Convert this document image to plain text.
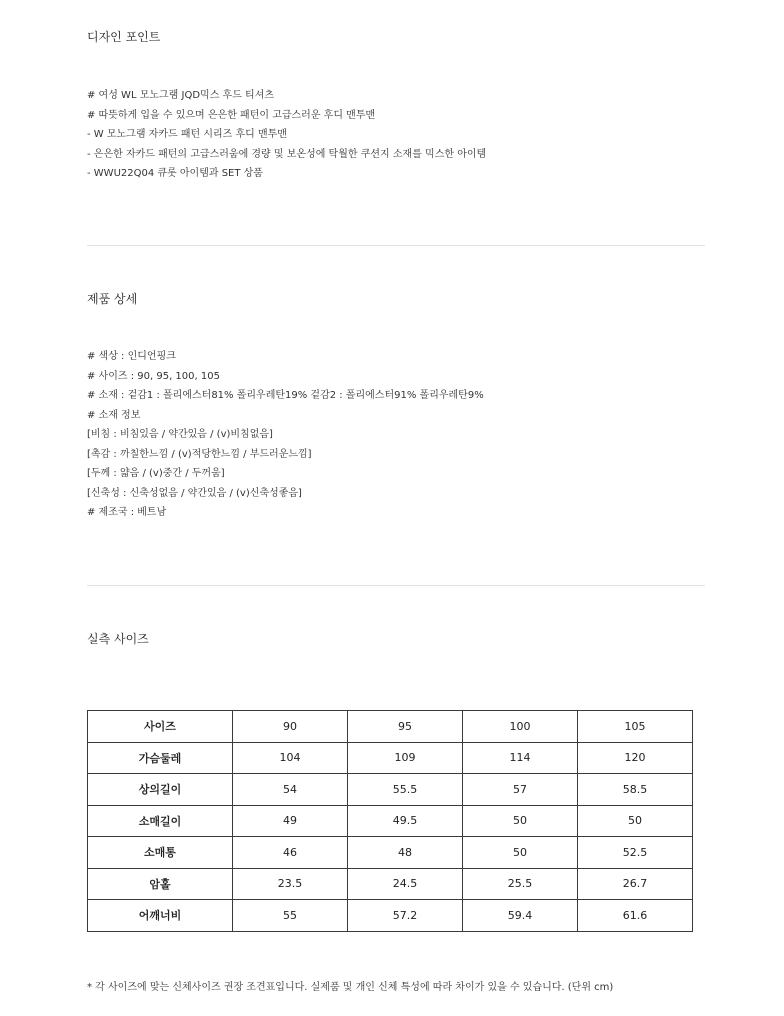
디자인 포인트
# 여성 WL 모노그램 JQD믹스 후드 티셔츠
# 따뜻하게 입을 수 있으며 은은한 패턴이 고급스러운 후디 맨투맨
- W 모노그램 자카드 패턴 시리즈 후디 맨투맨
- 은은한 자카드 패턴의 고급스러움에 경량 및 보온성에 탁월한 쿠션지 소재를 믹스한 아이템
- WWU22Q04 큐롯 아이템과 SET 상품
제품 상세
# 색상 : 인디언핑크
# 사이즈 : 90, 95, 100, 105
# 소재 : 겉감1 : 폴리에스터81% 폴리우레탄19% 겉감2 : 폴리에스터91% 폴리우레탄9%
# 소재 정보
[비침 : 비침있음 / 약간있음 / (v)비침없음]
[촉감 : 까칠한느낌 / (v)적당한느낌 / 부드러운느낌]
[두께 : 얇음 / (v)중간 / 두꺼움]
[신축성 : 신축성없음 / 약간있음 / (v)신축성좋음]
# 제조국 : 베트남
실측 사이즈
사이즈	90	95	100	105
가슴둘레	104	109	114	120
상의길이	54	55.5	57	58.5
소매길이	49	49.5	50	50
소매통	46	48	50	52.5
암홀	23.5	24.5	25.5	26.7
어깨너비	55	57.2	59.4	61.6
* 각 사이즈에 맞는 신체사이즈 권장 조견표입니다. 실제품 및 개인 신체 특성에 따라 차이가 있을 수 있습니다. (단위 cm)
